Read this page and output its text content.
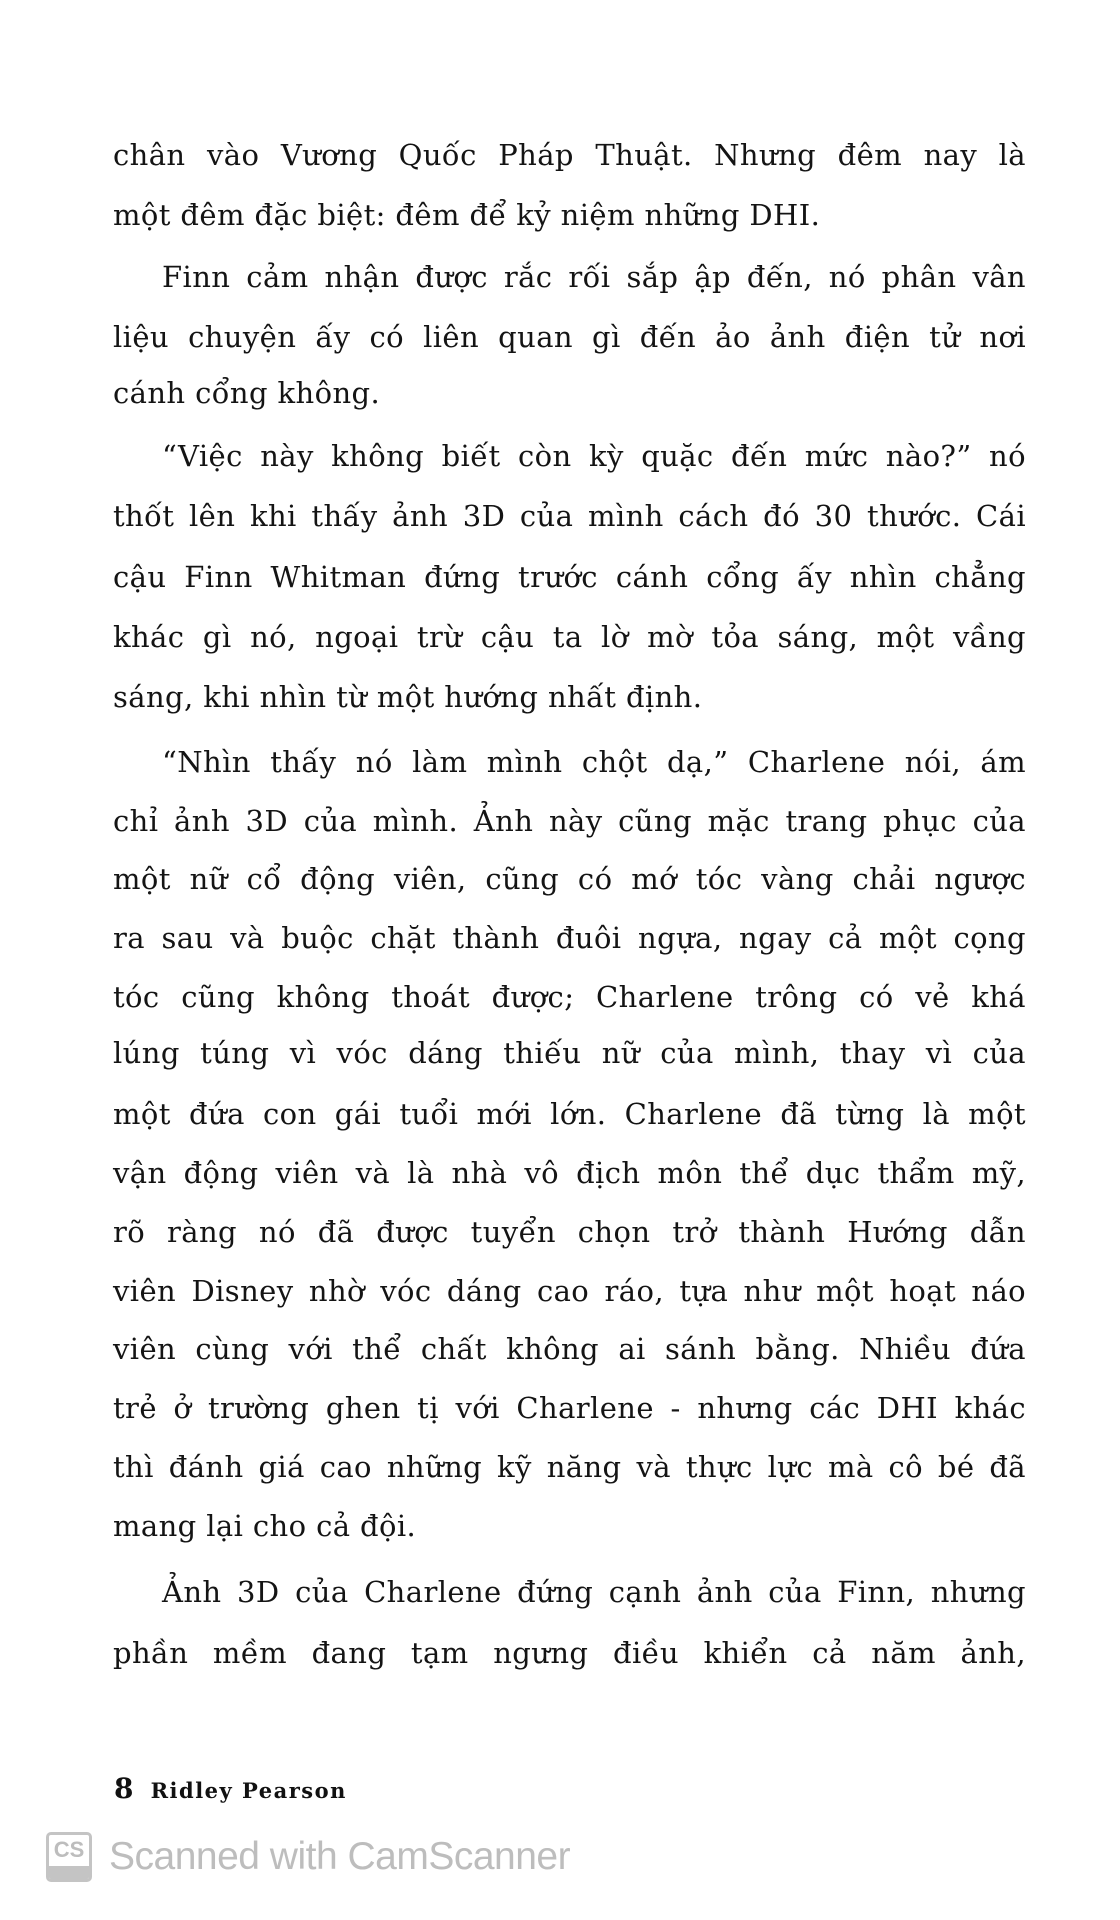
chân vào Vương Quốc Pháp Thuật. Nhưng đêm nay là
một đêm đặc biệt: đêm để kỷ niệm những DHI.
Finn cảm nhận được rắc rối sắp ập đến, nó phân vân
liệu chuyện ấy có liên quan gì đến ảo ảnh điện tử nơi
cánh cổng không.
“Việc này không biết còn kỳ quặc đến mức nào?” nó
thốt lên khi thấy ảnh 3D của mình cách đó 30 thước. Cái
cậu Finn Whitman đứng trước cánh cổng ấy nhìn chẳng
khác gì nó, ngoại trừ cậu ta lờ mờ tỏa sáng, một vầng
sáng, khi nhìn từ một hướng nhất định.
“Nhìn thấy nó làm mình chột dạ,” Charlene nói, ám
chỉ ảnh 3D của mình. Ảnh này cũng mặc trang phục của
một nữ cổ động viên, cũng có mớ tóc vàng chải ngược
ra sau và buộc chặt thành đuôi ngựa, ngay cả một cọng
tóc cũng không thoát được; Charlene trông có vẻ khá
lúng túng vì vóc dáng thiếu nữ của mình, thay vì của
một đứa con gái tuổi mới lớn. Charlene đã từng là một
vận động viên và là nhà vô địch môn thể dục thẩm mỹ,
rõ ràng nó đã được tuyển chọn trở thành Hướng dẫn
viên Disney nhờ vóc dáng cao ráo, tựa như một hoạt náo
viên cùng với thể chất không ai sánh bằng. Nhiều đứa
trẻ ở trường ghen tị với Charlene - nhưng các DHI khác
thì đánh giá cao những kỹ năng và thực lực mà cô bé đã
mang lại cho cả đội.
Ảnh 3D của Charlene đứng cạnh ảnh của Finn, nhưng
phần mềm đang tạm ngưng điều khiển cả năm ảnh,
8 Ridley Pearson
CS Scanned with CamScanner
